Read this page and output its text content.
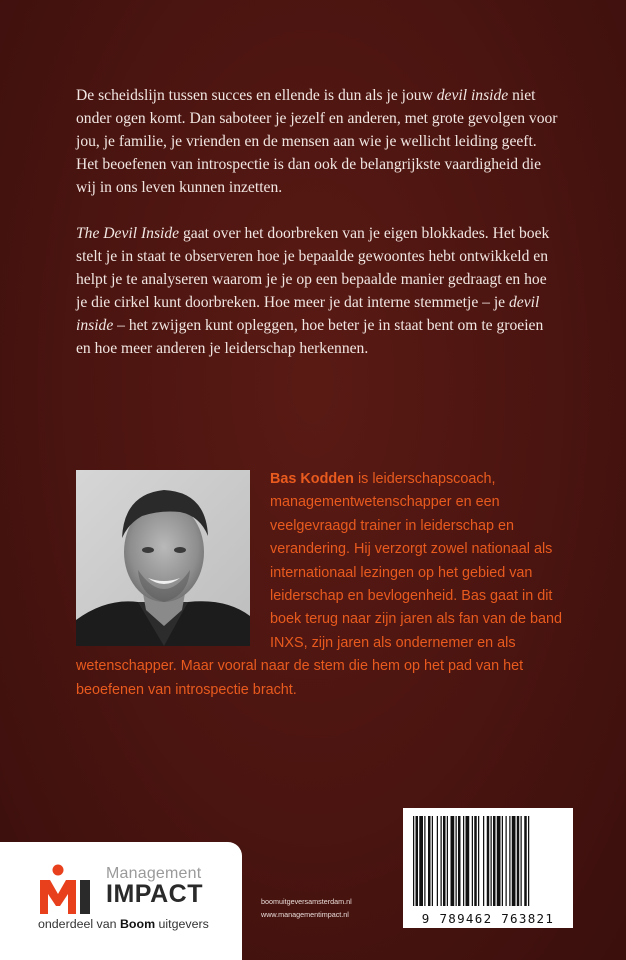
De scheidslijn tussen succes en ellende is dun als je jouw devil inside niet onder ogen komt. Dan saboteer je jezelf en anderen, met grote gevolgen voor jou, je familie, je vrienden en de mensen aan wie je wellicht leiding geeft. Het beoefenen van introspectie is dan ook de belangrijkste vaardigheid die wij in ons leven kunnen inzetten.

The Devil Inside gaat over het doorbreken van je eigen blokkades. Het boek stelt je in staat te observeren hoe je bepaalde gewoontes hebt ontwikkeld en helpt je te analyseren waarom je je op een bepaalde manier gedraagt en hoe je die cirkel kunt doorbreken. Hoe meer je dat interne stemmetje – je devil inside – het zwijgen kunt opleggen, hoe beter je in staat bent om te groeien en hoe meer anderen je leiderschap herkennen.

Bas Kodden is leiderschapscoach, managementwetenschapper en een veelgevraagd trainer in leiderschap en verandering. Hij verzorgt zowel nationaal als internationaal lezingen op het gebied van leiderschap en bevlogenheid. Bas gaat in dit boek terug naar zijn jaren als fan van de band INXS, zijn jaren als ondernemer en als wetenschapper. Maar vooral naar de stem die hem op het pad van het beoefenen van introspectie bracht.
Management
IMPACT
onderdeel van Boom uitgevers
boomuitgeversamsterdam.nl
www.managementimpact.nl	9 789462 763821
